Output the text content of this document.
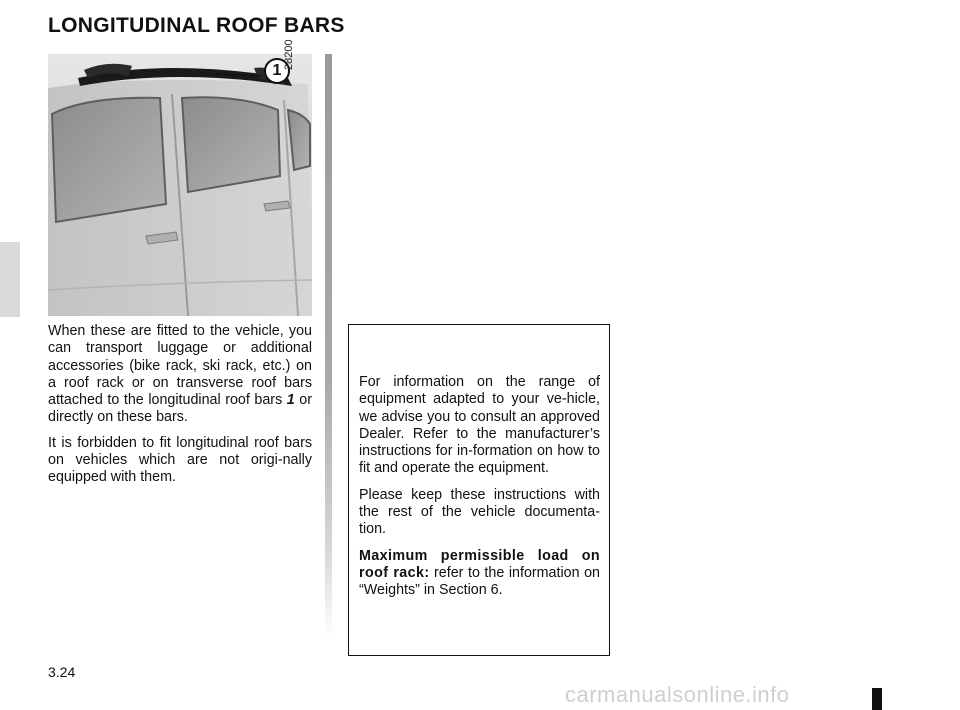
LONGITUDINAL ROOF BARS
1
28200

When these are fitted to the vehicle, you can transport luggage or additional accessories (bike rack, ski rack, etc.) on a roof rack or on transverse roof bars attached to the longitudinal roof bars 1 or directly on these bars.

It is forbidden to fit longitudinal roof bars on vehicles which are not origi-nally equipped with them.

For information on the range of equipment adapted to your ve-hicle, we advise you to consult an approved Dealer. Refer to the manufacturer’s instructions for in-formation on how to fit and operate the equipment.

Please keep these instructions with the rest of the vehicle documenta-tion.

Maximum permissible load on roof rack: refer to the information on “Weights” in Section 6.

3.24
carmanualsonline.info
